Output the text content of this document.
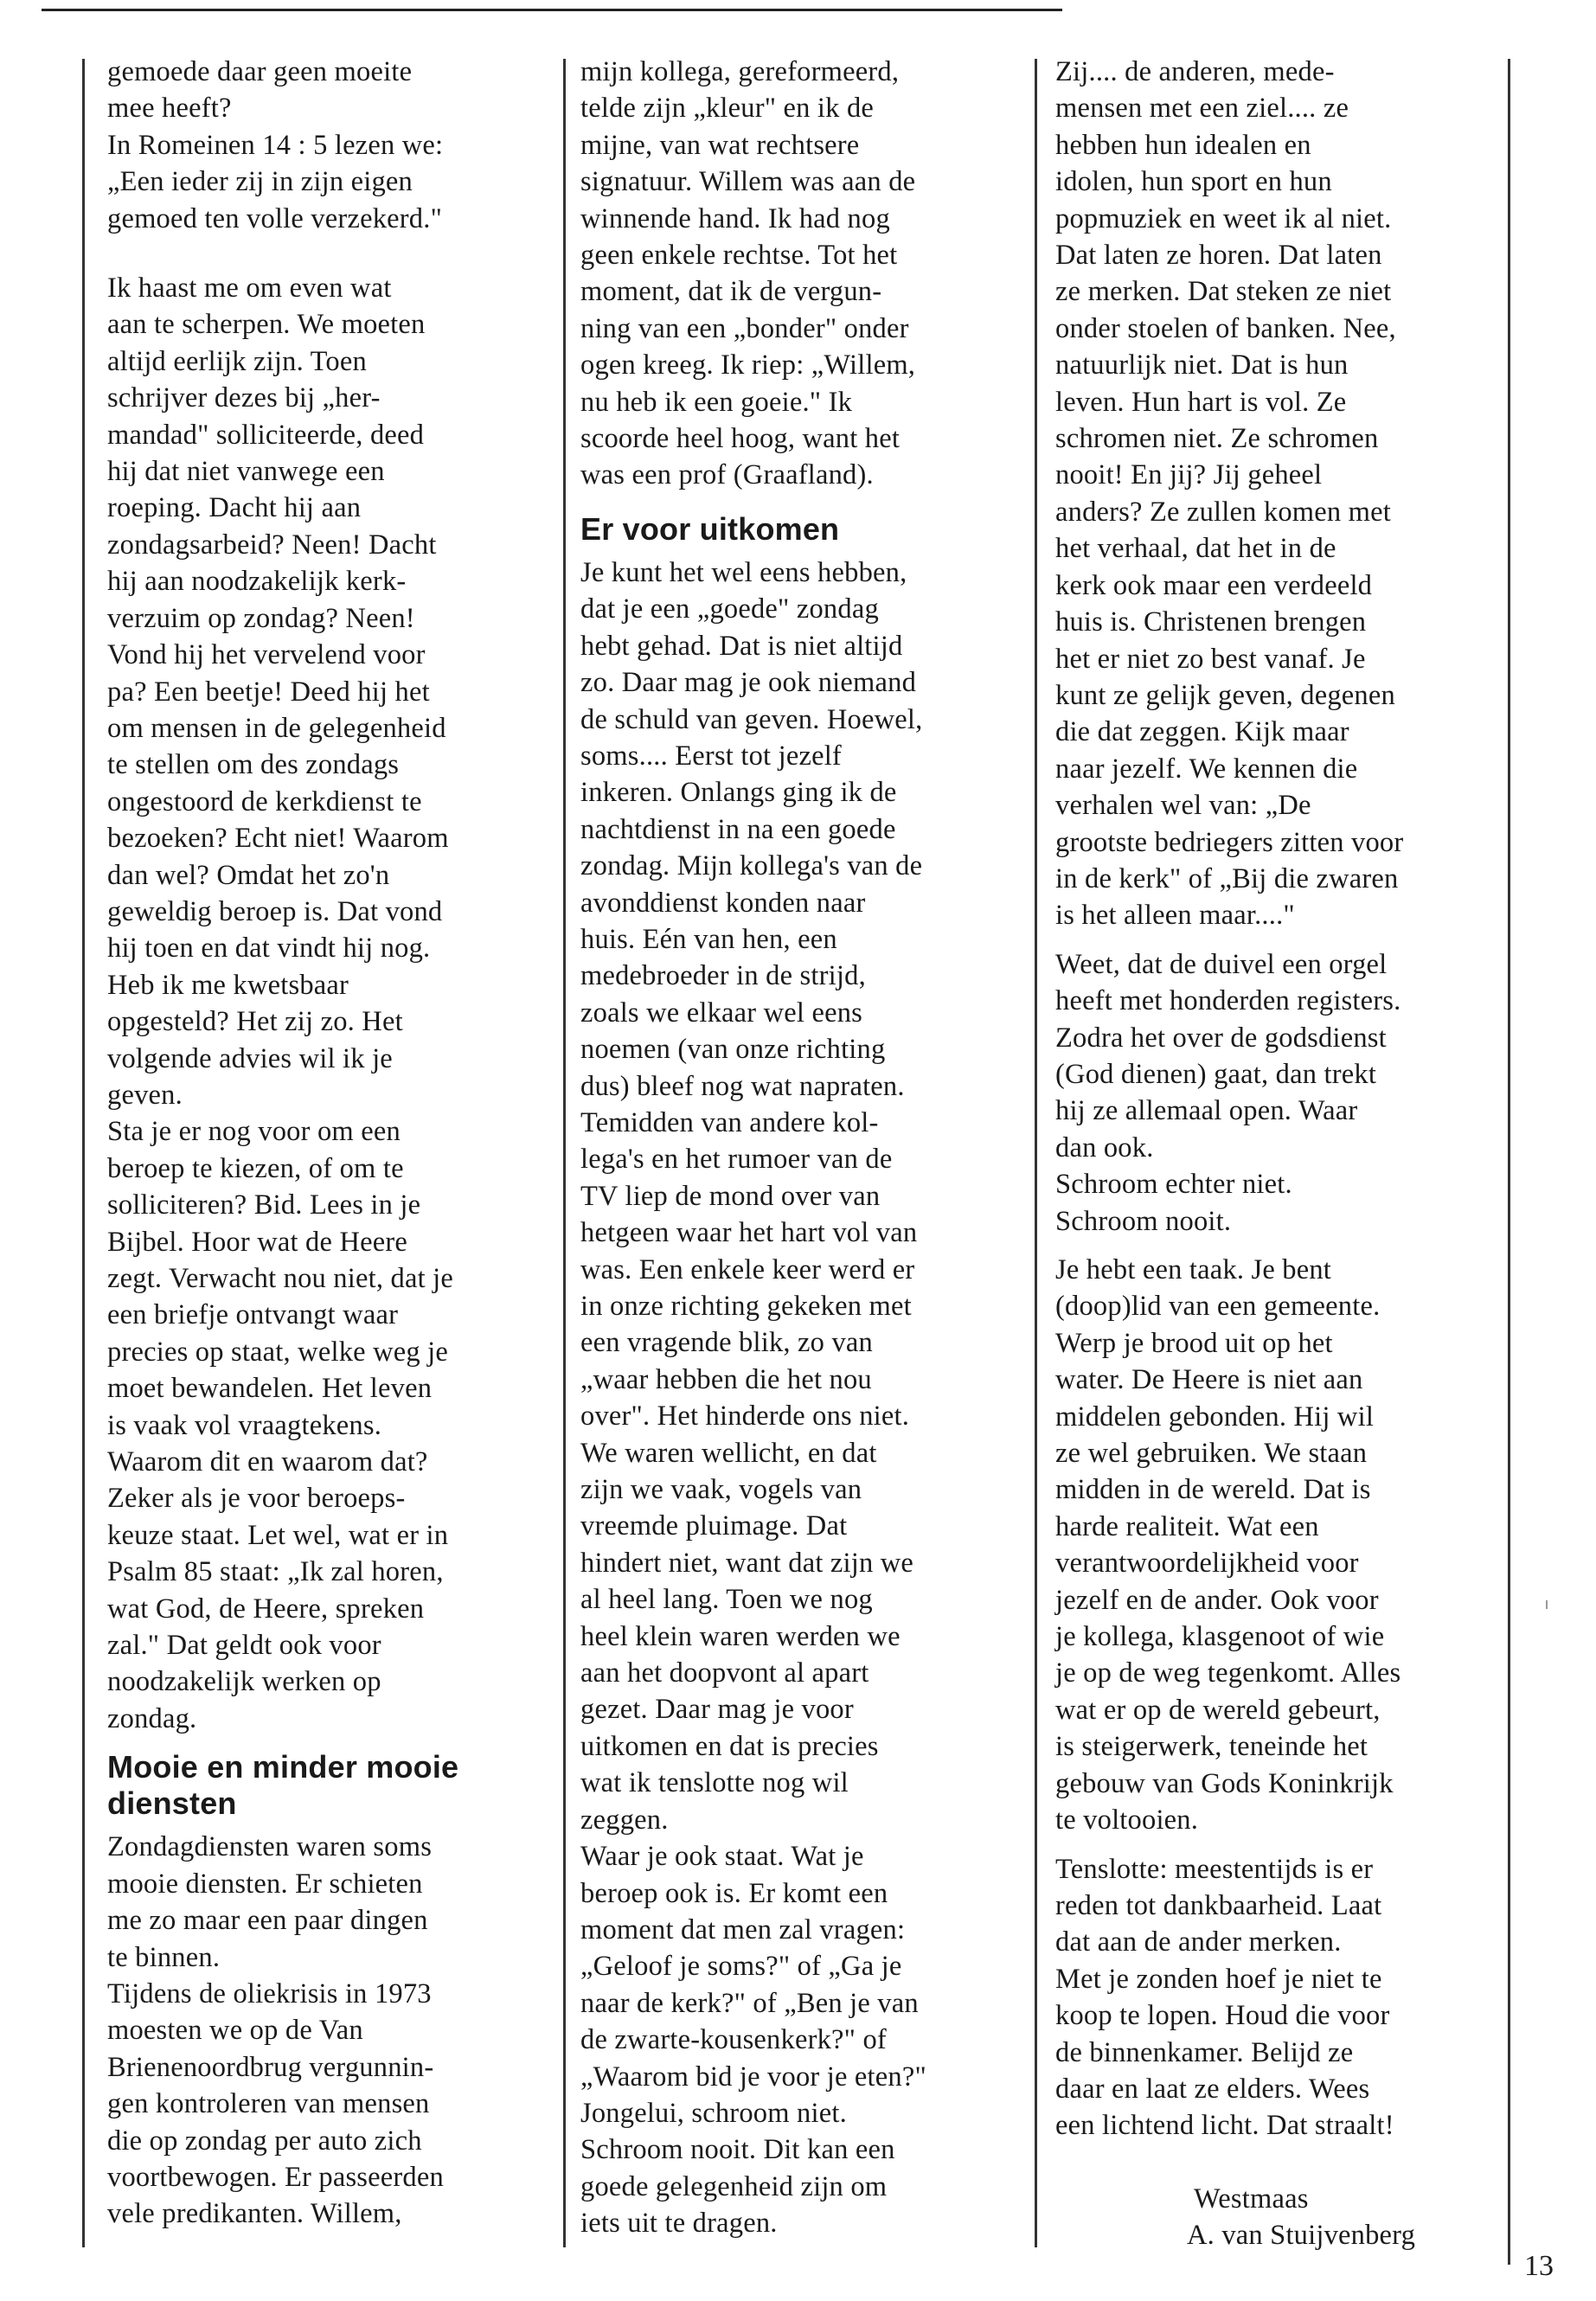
gemoede daar geen moeite
mee heeft?
In Romeinen 14 : 5 lezen we:
„Een ieder zij in zijn eigen
gemoed ten volle verzekerd."

Ik haast me om even wat
aan te scherpen. We moeten
altijd eerlijk zijn. Toen
schrijver dezes bij „her-
mandad" solliciteerde, deed
hij dat niet vanwege een
roeping. Dacht hij aan
zondagsarbeid? Neen! Dacht
hij aan noodzakelijk kerk-
verzuim op zondag? Neen!
Vond hij het vervelend voor
pa? Een beetje! Deed hij het
om mensen in de gelegenheid
te stellen om des zondags
ongestoord de kerkdienst te
bezoeken? Echt niet! Waarom
dan wel? Omdat het zo'n
geweldig beroep is. Dat vond
hij toen en dat vindt hij nog.
Heb ik me kwetsbaar
opgesteld? Het zij zo. Het
volgende advies wil ik je
geven.

Sta je er nog voor om een
beroep te kiezen, of om te
solliciteren? Bid. Lees in je
Bijbel. Hoor wat de Heere
zegt. Verwacht nou niet, dat je
een briefje ontvangt waar
precies op staat, welke weg je
moet bewandelen. Het leven
is vaak vol vraagtekens.
Waarom dit en waarom dat?
Zeker als je voor beroeps-
keuze staat. Let wel, wat er in
Psalm 85 staat: „Ik zal horen,
wat God, de Heere, spreken
zal." Dat geldt ook voor
noodzakelijk werken op
zondag.

Mooie en minder mooie
diensten

Zondagdiensten waren soms
mooie diensten. Er schieten
me zo maar een paar dingen
te binnen.

Tijdens de oliekrisis in 1973
moesten we op de Van
Brienenoordbrug vergunnin-
gen kontroleren van mensen
die op zondag per auto zich
voortbewogen. Er passeerden
vele predikanten. Willem,

mijn kollega, gereformeerd,
telde zijn „kleur" en ik de
mijne, van wat rechtsere
signatuur. Willem was aan de
winnende hand. Ik had nog
geen enkele rechtse. Tot het
moment, dat ik de vergun-
ning van een „bonder" onder
ogen kreeg. Ik riep: „Willem,
nu heb ik een goeie." Ik
scoorde heel hoog, want het
was een prof (Graafland).

Er voor uitkomen

Je kunt het wel eens hebben,
dat je een „goede" zondag
hebt gehad. Dat is niet altijd
zo. Daar mag je ook niemand
de schuld van geven. Hoewel,
soms.... Eerst tot jezelf
inkeren. Onlangs ging ik de
nachtdienst in na een goede
zondag. Mijn kollega's van de
avonddienst konden naar
huis. Eén van hen, een
medebroeder in de strijd,
zoals we elkaar wel eens
noemen (van onze richting
dus) bleef nog wat napraten.
Temidden van andere kol-
lega's en het rumoer van de
TV liep de mond over van
hetgeen waar het hart vol van
was. Een enkele keer werd er
in onze richting gekeken met
een vragende blik, zo van
„waar hebben die het nou
over". Het hinderde ons niet.
We waren wellicht, en dat
zijn we vaak, vogels van
vreemde pluimage. Dat
hindert niet, want dat zijn we
al heel lang. Toen we nog
heel klein waren werden we
aan het doopvont al apart
gezet. Daar mag je voor
uitkomen en dat is precies
wat ik tenslotte nog wil
zeggen.

Waar je ook staat. Wat je
beroep ook is. Er komt een
moment dat men zal vragen:
„Geloof je soms?" of „Ga je
naar de kerk?" of „Ben je van
de zwarte-kousenkerk?" of
„Waarom bid je voor je eten?"
Jongelui, schroom niet.
Schroom nooit. Dit kan een
goede gelegenheid zijn om
iets uit te dragen.

Zij.... de anderen, mede-
mensen met een ziel.... ze
hebben hun idealen en
idolen, hun sport en hun
popmuziek en weet ik al niet.
Dat laten ze horen. Dat laten
ze merken. Dat steken ze niet
onder stoelen of banken. Nee,
natuurlijk niet. Dat is hun
leven. Hun hart is vol. Ze
schromen niet. Ze schromen
nooit! En jij? Jij geheel
anders? Ze zullen komen met
het verhaal, dat het in de
kerk ook maar een verdeeld
huis is. Christenen brengen
het er niet zo best vanaf. Je
kunt ze gelijk geven, degenen
die dat zeggen. Kijk maar
naar jezelf. We kennen die
verhalen wel van: „De
grootste bedriegers zitten voor
in de kerk" of „Bij die zwaren
is het alleen maar...."

Weet, dat de duivel een orgel
heeft met honderden registers.
Zodra het over de godsdienst
(God dienen) gaat, dan trekt
hij ze allemaal open. Waar
dan ook.
Schroom echter niet.
Schroom nooit.

Je hebt een taak. Je bent
(doop)lid van een gemeente.
Werp je brood uit op het
water. De Heere is niet aan
middelen gebonden. Hij wil
ze wel gebruiken. We staan
midden in de wereld. Dat is
harde realiteit. Wat een
verantwoordelijkheid voor
jezelf en de ander. Ook voor
je kollega, klasgenoot of wie
je op de weg tegenkomt. Alles
wat er op de wereld gebeurt,
is steigerwerk, teneinde het
gebouw van Gods Koninkrijk
te voltooien.

Tenslotte: meestentijds is er
reden tot dankbaarheid. Laat
dat aan de ander merken.
Met je zonden hoef je niet te
koop te lopen. Houd die voor
de binnenkamer. Belijd ze
daar en laat ze elders. Wees
een lichtend licht. Dat straalt!

Westmaas
A. van Stuijvenberg
13
